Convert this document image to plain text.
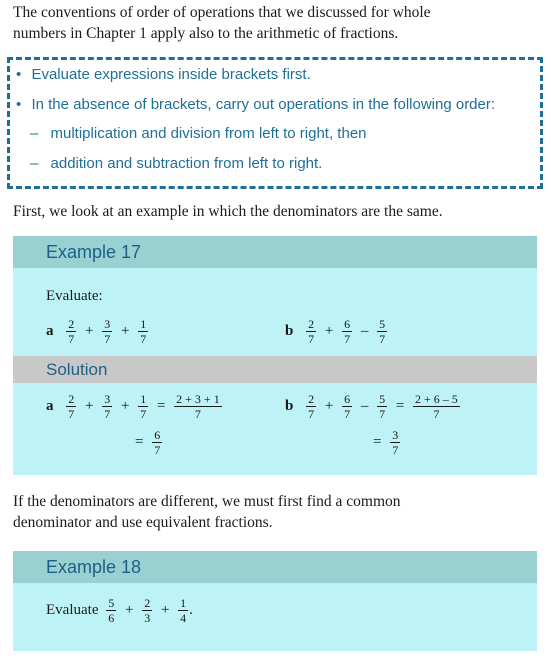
The conventions of order of operations that we discussed for whole
numbers in Chapter 1 apply also to the arithmetic of fractions.
• Evaluate expressions inside brackets first.
• In the absence of brackets, carry out operations in the following order:
– multiplication and division from left to right, then
– addition and subtraction from left to right.
First, we look at an example in which the denominators are the same.
Example 17
Evaluate:
a $\frac{2}{7} + \frac{3}{7} + \frac{1}{7}$	b $\frac{2}{7} + \frac{6}{7} - \frac{5}{7}$
Solution
a $\frac{2}{7} + \frac{3}{7} + \frac{1}{7} = \frac{2 + 3 + 1}{7}$
= $\frac{6}{7}$
b $\frac{2}{7} + \frac{6}{7} - \frac{5}{7} = \frac{2 + 6 - 5}{7}$
= $\frac{3}{7}$
If the denominators are different, we must first find a common
denominator and use equivalent fractions.
Example 18
Evaluate $\frac{5}{6} + \frac{2}{3} + \frac{1}{4}$ .
